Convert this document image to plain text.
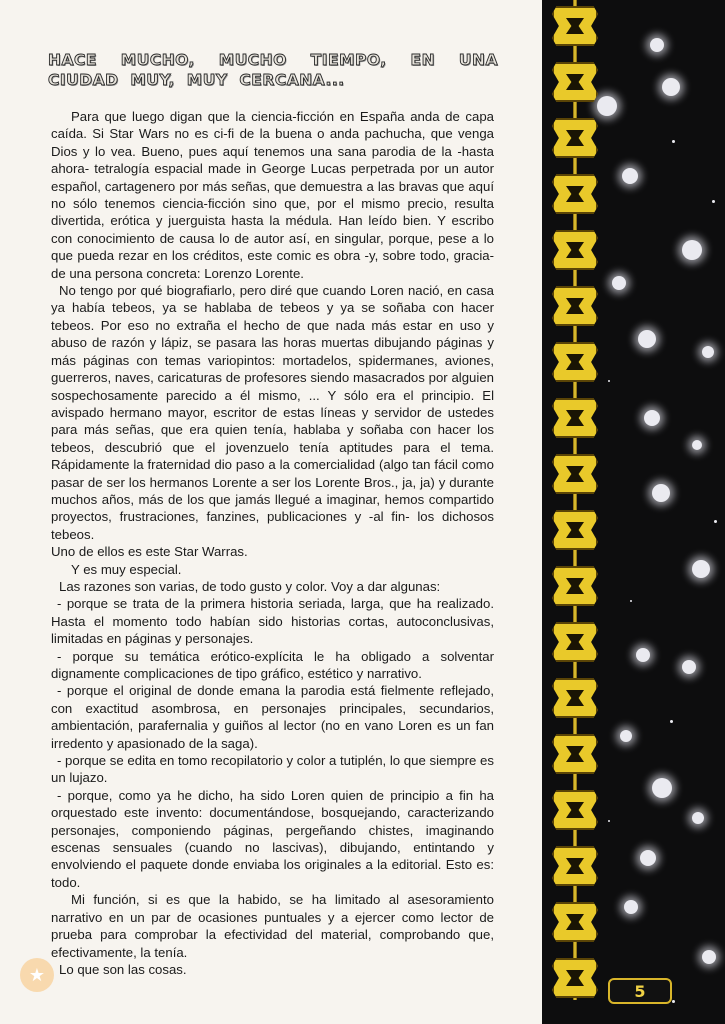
HACE MUCHO, MUCHO TIEMPO, EN UNA
CIUDAD MUY, MUY CERCANA...

Para que luego digan que la ciencia-ficción en España anda de capa caída. Si Star Wars no es ci-fi de la buena o anda pachucha, que venga Dios y lo vea. Bueno, pues aquí tenemos una sana parodia de la -hasta ahora- tetralogía espacial made in George Lucas perpetrada por un autor español, cartagenero por más señas, que demuestra a las bravas que aquí no sólo tenemos ciencia-ficción sino que, por el mismo precio, resulta divertida, erótica y juerguista hasta la médula. Han leído bien. Y escribo con conocimiento de causa lo de autor así, en singular, porque, pese a lo que pueda rezar en los créditos, este comic es obra -y, sobre todo, gracia- de una persona concreta: Lorenzo Lorente.

No tengo por qué biografiarlo, pero diré que cuando Loren nació, en casa ya había tebeos, ya se hablaba de tebeos y ya se soñaba con hacer tebeos. Por eso no extraña el hecho de que nada más estar en uso y abuso de razón y lápiz, se pasara las horas muertas dibujando páginas y más páginas con temas variopintos: mortadelos, spidermanes, aviones, guerreros, naves, caricaturas de profesores siendo masacrados por alguien sospechosamente parecido a él mismo, ... Y sólo era el principio. El avispado hermano mayor, escritor de estas líneas y servidor de ustedes para más señas, que era quien tenía, hablaba y soñaba con hacer los tebeos, descubrió que el jovenzuelo tenía aptitudes para el tema. Rápidamente la fraternidad dio paso a la comercialidad (algo tan fácil como pasar de ser los hermanos Lorente a ser los Lorente Bros., ja, ja) y durante muchos años, más de los que jamás llegué a imaginar, hemos compartido proyectos, frustraciones, fanzines, publicaciones y -al fin- los dichosos tebeos.

Uno de ellos es este Star Warras.

Y es muy especial.

Las razones son varias, de todo gusto y color. Voy a dar algunas:

- porque se trata de la primera historia seriada, larga, que ha realizado. Hasta el momento todo habían sido historias cortas, autoconclusivas, limitadas en páginas y personajes.

- porque su temática erótico-explícita le ha obligado a solventar dignamente complicaciones de tipo gráfico, estético y narrativo.

- porque el original de donde emana la parodia está fielmente reflejado, con exactitud asombrosa, en personajes principales, secundarios, ambientación, parafernalia y guiños al lector (no en vano Loren es un fan irredento y apasionado de la saga).

- porque se edita en tomo recopilatorio y color a tutiplén, lo que siempre es un lujazo.

- porque, como ya he dicho, ha sido Loren quien de principio a fin ha orquestado este invento: documentándose, bosquejando, caracterizando personajes, componiendo páginas, pergeñando chistes, imaginando escenas sensuales (cuando no lascivas), dibujando, entintando y envolviendo el paquete donde enviaba los originales a la editorial. Esto es: todo.

Mi función, si es que la habido, se ha limitado al asesoramiento narrativo en un par de ocasiones puntuales y a ejercer como lector de prueba para comprobar la efectividad del material, comprobando que, efectivamente, la tenía.

Lo que son las cosas.

5
★
